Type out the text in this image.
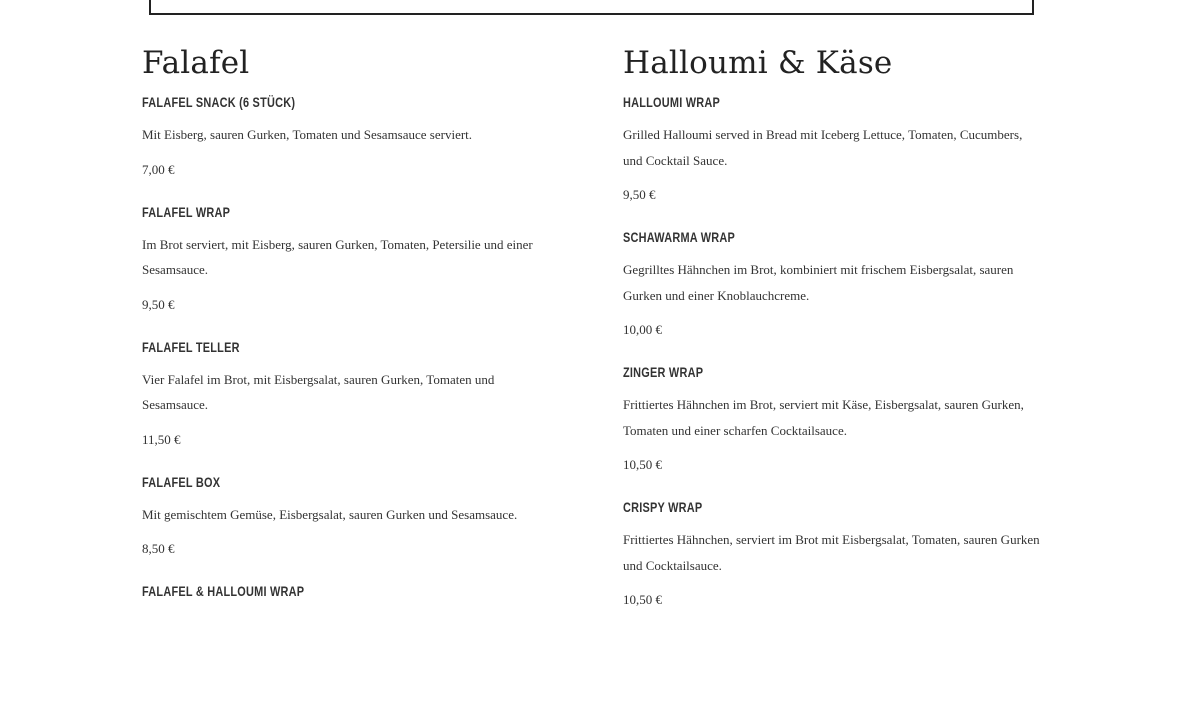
Falafel
FALAFEL SNACK (6 STÜCK)
Mit Eisberg, sauren Gurken, Tomaten und Sesamsauce serviert.
7,00 €
FALAFEL WRAP
Im Brot serviert, mit Eisberg, sauren Gurken, Tomaten, Petersilie und einer Sesamsauce.
9,50 €
FALAFEL TELLER
Vier Falafel im Brot, mit Eisbergsalat, sauren Gurken, Tomaten und Sesamsauce.
11,50 €
FALAFEL BOX
Mit gemischtem Gemüse, Eisbergsalat, sauren Gurken und Sesamsauce.
8,50 €
FALAFEL & HALLOUMI WRAP
Halloumi & Käse
HALLOUMI WRAP
Grilled Halloumi served in Bread mit Iceberg Lettuce, Tomaten, Cucumbers, und Cocktail Sauce.
9,50 €
SCHAWARMA WRAP
Gegrilltes Hähnchen im Brot, kombiniert mit frischem Eisbergsalat, sauren Gurken und einer Knoblauchcreme.
10,00 €
ZINGER WRAP
Frittiertes Hähnchen im Brot, serviert mit Käse, Eisbergsalat, sauren Gurken, Tomaten und einer scharfen Cocktailsauce.
10,50 €
CRISPY WRAP
Frittiertes Hähnchen, serviert im Brot mit Eisbergsalat, Tomaten, sauren Gurken und Cocktailsauce.
10,50 €
